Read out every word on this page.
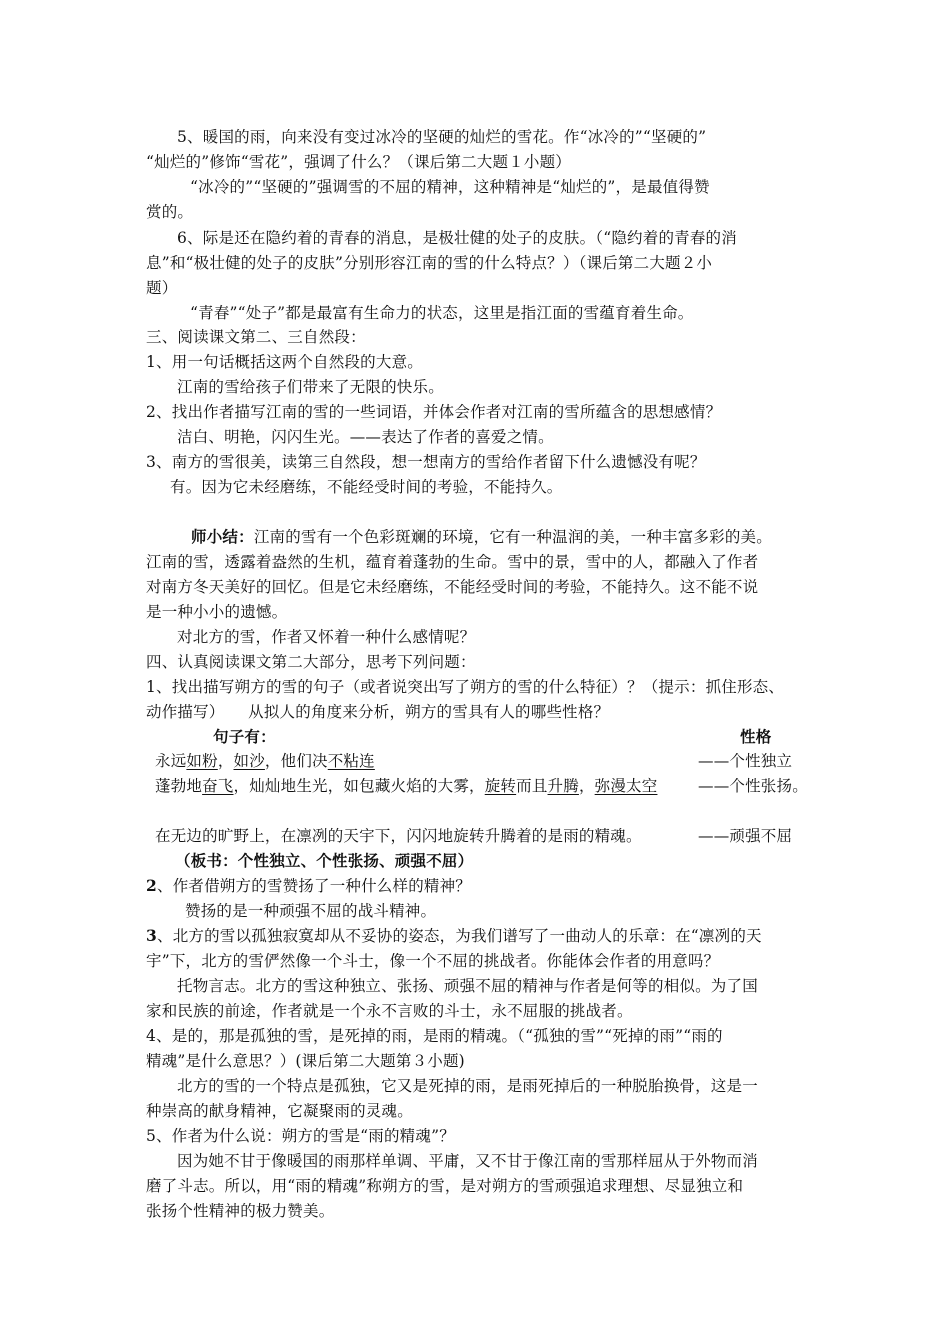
5、暖国的雨，向来没有变过冰冷的坚硬的灿烂的雪花。作“冰冷的”“坚硬的”
“灿烂的”修饰“雪花”，强调了什么？（课后第二大题１小题）
“冰冷的”“坚硬的”强调雪的不屈的精神，这种精神是“灿烂的”，是最值得赞
赏的。
6、际是还在隐约着的青春的消息，是极壮健的处子的皮肤。（“隐约着的青春的消
息”和“极壮健的处子的皮肤”分别形容江南的雪的什么特点？）（课后第二大题２小
题）
“青春”“处子”都是最富有生命力的状态，这里是指江面的雪蕴育着生命。
三、阅读课文第二、三自然段：
1、用一句话概括这两个自然段的大意。
江南的雪给孩子们带来了无限的快乐。
2、找出作者描写江南的雪的一些词语，并体会作者对江南的雪所蕴含的思想感情？
洁白、明艳，闪闪生光。——表达了作者的喜爱之情。
3、南方的雪很美，读第三自然段，想一想南方的雪给作者留下什么遗憾没有呢？
有。因为它未经磨练，不能经受时间的考验，不能持久。
师小结：江南的雪有一个色彩斑斓的环境，它有一种温润的美，一种丰富多彩的美。
江南的雪，透露着盎然的生机，蕴育着蓬勃的生命。雪中的景，雪中的人，都融入了作者
对南方冬天美好的回忆。但是它未经磨练，不能经受时间的考验，不能持久。这不能不说
是一种小小的遗憾。
对北方的雪，作者又怀着一种什么感情呢？
四、认真阅读课文第二大部分，思考下列问题：
1、找出描写朔方的雪的句子（或者说突出写了朔方的雪的什么特征）？（提示：抓住形态、
动作描写）　　从拟人的角度来分析，朔方的雪具有人的哪些性格？
句子有：	性格
永远如粉，如沙，他们决不粘连	——个性独立
蓬勃地奋飞，灿灿地生光，如包藏火焰的大雾，旋转而且升腾，弥漫太空	——个性张扬。
在无边的旷野上，在凛冽的天宇下，闪闪地旋转升腾着的是雨的精魂。	——顽强不屈
（板书：个性独立、个性张扬、顽强不屈）
2、作者借朔方的雪赞扬了一种什么样的精神？
赞扬的是一种顽强不屈的战斗精神。
3、北方的雪以孤独寂寞却从不妥协的姿态，为我们谱写了一曲动人的乐章：在“凛冽的天
宇”下，北方的雪俨然像一个斗士，像一个不屈的挑战者。你能体会作者的用意吗？
托物言志。北方的雪这种独立、张扬、顽强不屈的精神与作者是何等的相似。为了国
家和民族的前途，作者就是一个永不言败的斗士，永不屈服的挑战者。
4、是的，那是孤独的雪，是死掉的雨，是雨的精魂。（“孤独的雪”“死掉的雨”“雨的
精魂”是什么意思？）(课后第二大题第３小题)
北方的雪的一个特点是孤独，它又是死掉的雨，是雨死掉后的一种脱胎换骨，这是一
种崇高的献身精神，它凝聚雨的灵魂。
5、作者为什么说：朔方的雪是“雨的精魂”？
因为她不甘于像暖国的雨那样单调、平庸，又不甘于像江南的雪那样屈从于外物而消
磨了斗志。所以，用“雨的精魂”称朔方的雪，是对朔方的雪顽强追求理想、尽显独立和
张扬个性精神的极力赞美。
